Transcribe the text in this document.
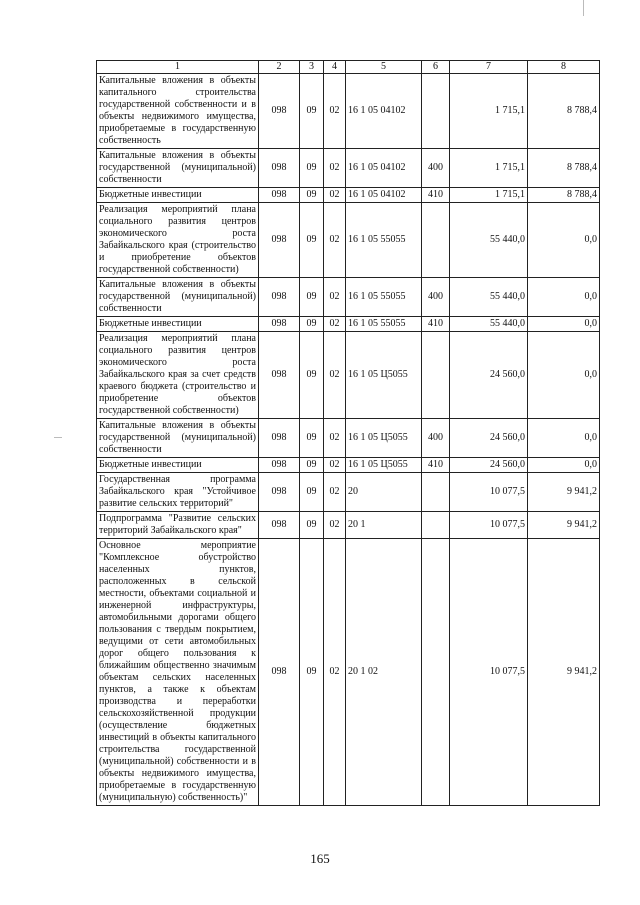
1	2	3	4	5	6	7	8
Капитальные вложения в объекты капитального строительства государственной собственности и в объекты недвижимого имущества, приобретаемые в государственную собственность	098	09	02	16 1 05 04102		1 715,1	8 788,4
Капитальные вложения в объекты государственной (муниципальной) собственности	098	09	02	16 1 05 04102	400	1 715,1	8 788,4
Бюджетные инвестиции	098	09	02	16 1 05 04102	410	1 715,1	8 788,4
Реализация мероприятий плана социального развития центров экономического роста Забайкальского края (строительство и приобретение объектов государственной собственности)	098	09	02	16 1 05 55055		55 440,0	0,0
Капитальные вложения в объекты государственной (муниципальной) собственности	098	09	02	16 1 05 55055	400	55 440,0	0,0
Бюджетные инвестиции	098	09	02	16 1 05 55055	410	55 440,0	0,0
Реализация мероприятий плана социального развития центров экономического роста Забайкальского края за счет средств краевого бюджета (строительство и приобретение объектов государственной собственности)	098	09	02	16 1 05 Ц5055		24 560,0	0,0
Капитальные вложения в объекты государственной (муниципальной) собственности	098	09	02	16 1 05 Ц5055	400	24 560,0	0,0
Бюджетные инвестиции	098	09	02	16 1 05 Ц5055	410	24 560,0	0,0
Государственная программа Забайкальского края "Устойчивое развитие сельских территорий"	098	09	02	20		10 077,5	9 941,2
Подпрограмма "Развитие сельских территорий Забайкальского края"	098	09	02	20 1		10 077,5	9 941,2
Основное мероприятие "Комплексное обустройство населенных пунктов, расположенных в сельской местности, объектами социальной и инженерной инфраструктуры, автомобильными дорогами общего пользования с твердым покрытием, ведущими от сети автомобильных дорог общего пользования к ближайшим общественно значимым объектам сельских населенных пунктов, а также к объектам производства и переработки сельскохозяйственной продукции (осуществление бюджетных инвестиций в объекты капитального строительства государственной (муниципальной) собственности и в объекты недвижимого имущества, приобретаемые в государственную (муниципальную) собственность)"	098	09	02	20 1 02		10 077,5	9 941,2
165
